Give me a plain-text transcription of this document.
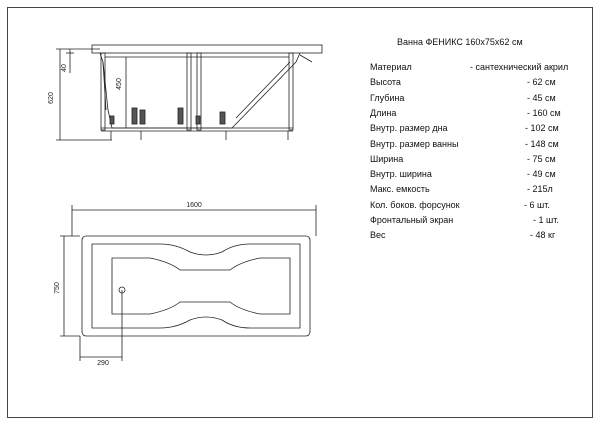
620
40
450
1600
750
290
Ванна ФЕНИКС 160х75х62 см
Материал	- сантехнический акрил
Высота	- 62 см
Глубина	- 45 см
Длина	- 160 см
Внутр. размер дна	- 102 см
Внутр. размер ванны	- 148 см
Ширина	- 75 см
Внутр. ширина	- 49 см
Макс. емкость	- 215л
Кол. боков. форсунок	- 6 шт.
Фронтальный экран	- 1 шт.
Вес	- 48 кг
